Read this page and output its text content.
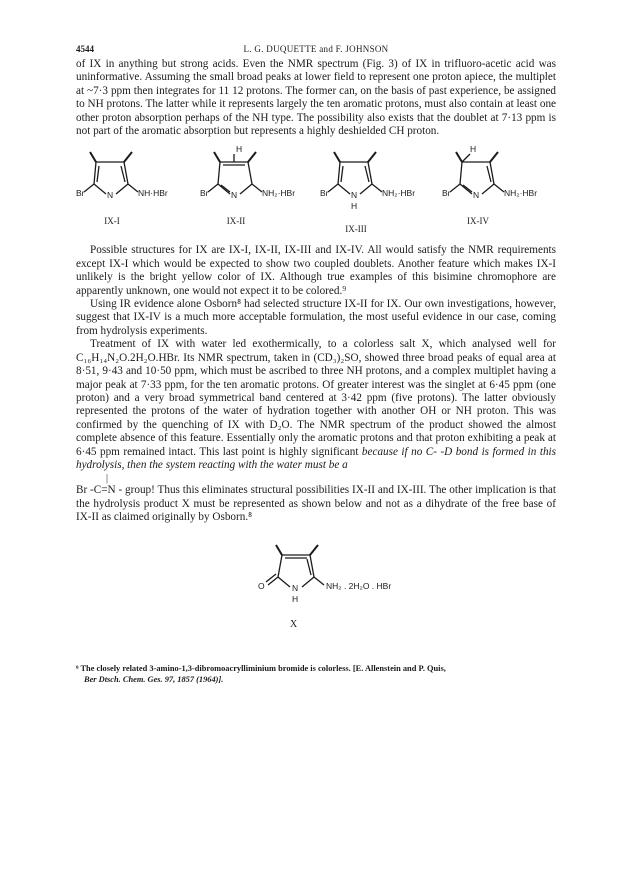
4544	L. G. DUQUETTE and F. JOHNSON

of IX in anything but strong acids. Even the NMR spectrum (Fig. 3) of IX in trifluoro-acetic acid was uninformative. Assuming the small broad peaks at lower field to represent one proton apiece, the multiplet at ~7·3 ppm then integrates for 11 12 protons. The former can, on the basis of past experience, be assigned to NH protons. The latter while it represents largely the ten aromatic protons, must also contain at least one other proton absorption perhaps of the NH type. The possibility also exists that the doublet at 7·13 ppm is not part of the aromatic absorption but represents a highly deshielded CH proton.

Br	N	NH·HBr
IX-I
H
Br	N	NH₂·HBr
IX-II
Br	N
H
NH₂·HBr
IX-III
H
Br	N	NH₂·HBr
IX-IV

Possible structures for IX are IX-I, IX-II, IX-III and IX-IV. All would satisfy the NMR requirements except IX-I which would be expected to show two coupled doublets. Another feature which makes IX-I unlikely is the bright yellow color of IX. Although true examples of this bisimine chromophore are apparently unknown, one would not expect it to be colored.⁹

Using IR evidence alone Osborn⁸ had selected structure IX-II for IX. Our own investigations, however, suggest that IX-IV is a much more acceptable formulation, the most useful evidence in our case, coming from hydrolysis experiments.

Treatment of IX with water led exothermically, to a colorless salt X, which analysed well for C₁₆H₁₄N₂O.2H₂O.HBr. Its NMR spectrum, taken in (CD₃)₂SO, showed three broad peaks of equal area at 8·51, 9·43 and 10·50 ppm, which must be ascribed to three NH protons, and a complex multiplet having a major peak at 7·33 ppm, for the ten aromatic protons. Of greater interest was the singlet at 6·45 ppm (one proton) and a very broad symmetrical band centered at 3·42 ppm (five protons). The latter obviously represented the protons of the water of hydration together with another OH or NH proton. This was confirmed by the quenching of IX with D₂O. The NMR spectrum of the product showed the almost complete absence of this feature. Essentially only the aromatic protons and that proton exhibiting a peak at 6·45 ppm remained intact. This last point is highly significant because if no C- -D bond is formed in this hydrolysis, then the system reacting with the water must be a

|

Br -C=N - group! Thus this eliminates structural possibilities IX-II and IX-III. The other implication is that the hydrolysis product X must be represented as shown below and not as a dihydrate of the free base of IX-II as claimed originally by Osborn.⁸

O	N
H
NH₂ . 2H₂O . HBr
X
⁹ The closely related 3-amino-1,3-dibromoacrylliminium bromide is colorless. [E. Allenstein and P. Quis,
Ber Dtsch. Chem. Ges. 97, 1857 (1964)].
